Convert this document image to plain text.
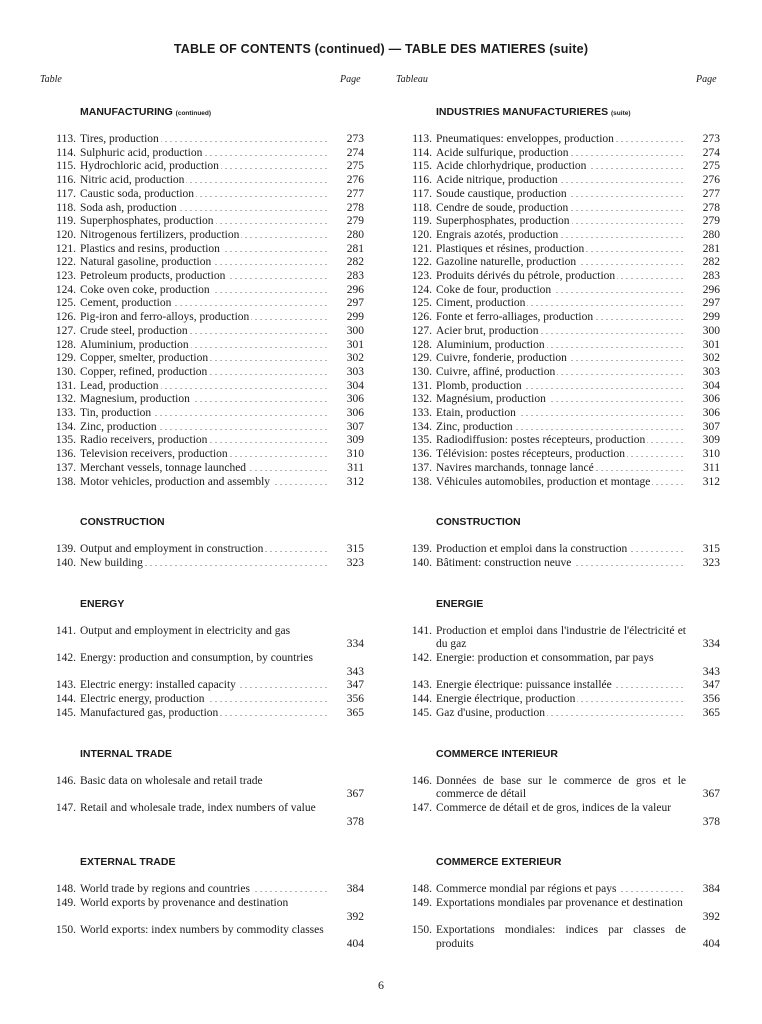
TABLE OF CONTENTS (continued) — TABLE DES MATIERES (suite)
Table	Page	Tableau	Page
MANUFACTURING (continued)
113. Tires, production . . .	273
114. Sulphuric acid, production . . .	274
115. Hydrochloric acid, production . . .	275
116. Nitric acid, production . . .	276
117. Caustic soda, production . . .	277
118. Soda ash, production . . .	278
119. Superphosphates, production . . .	279
120. Nitrogenous fertilizers, production . . .	280
121. Plastics and resins, production . . .	281
122. Natural gasoline, production . . .	282
123. Petroleum products, production . . .	283
124. Coke oven coke, production . . .	296
125. Cement, production . . .	297
126. Pig-iron and ferro-alloys, production . . .	299
127. Crude steel, production . . .	300
128. Aluminium, production . . .	301
129. Copper, smelter, production . . .	302
130. Copper, refined, production . . .	303
131. Lead, production . . .	304
132. Magnesium, production . . .	306
133. Tin, production . . .	306
134. Zinc, production . . .	307
135. Radio receivers, production . . .	309
136. Television receivers, production . . .	310
137. Merchant vessels, tonnage launched . . .	311
138. Motor vehicles, production and assembly . . .	312
CONSTRUCTION
139. Output and employment in construction . . .	315
140. New building . . .	323
ENERGY
141. Output and employment in electricity and gas
334
142. Energy: production and consumption, by countries
343
143. Electric energy: installed capacity . . .	347
144. Electric energy, production . . .	356
145. Manufactured gas, production . . .	365
INTERNAL TRADE
146. Basic data on wholesale and retail trade
367
147. Retail and wholesale trade, index numbers of value
378
EXTERNAL TRADE
148. World trade by regions and countries . . .	384
149. World exports by provenance and destination
392
150. World exports: index numbers by commodity classes
404
INDUSTRIES MANUFACTURIERES (suite)
113. Pneumatiques: enveloppes, production . . .	273
114. Acide sulfurique, production . . .	274
115. Acide chlorhydrique, production . . .	275
116. Acide nitrique, production . . .	276
117. Soude caustique, production . . .	277
118. Cendre de soude, production . . .	278
119. Superphosphates, production . . .	279
120. Engrais azotés, production . . .	280
121. Plastiques et résines, production . . .	281
122. Gazoline naturelle, production . . .	282
123. Produits dérivés du pétrole, production . . .	283
124. Coke de four, production . . .	296
125. Ciment, production . . .	297
126. Fonte et ferro-alliages, production . . .	299
127. Acier brut, production . . .	300
128. Aluminium, production . . .	301
129. Cuivre, fonderie, production . . .	302
130. Cuivre, affiné, production . . .	303
131. Plomb, production . . .	304
132. Magnésium, production . . .	306
133. Etain, production . . .	306
134. Zinc, production . . .	307
135. Radiodiffusion: postes récepteurs, production . . .	309
136. Télévision: postes récepteurs, production . . .	310
137. Navires marchands, tonnage lancé . . .	311
138. Véhicules automobiles, production et montage . . .	312
CONSTRUCTION
139. Production et emploi dans la construction . . .	315
140. Bâtiment: construction neuve . . .	323
ENERGIE
141. Production et emploi dans l'industrie de l'électricité et du gaz	334
142. Energie: production et consommation, par pays
343
143. Energie électrique: puissance installée . . .	347
144. Energie électrique, production . . .	356
145. Gaz d'usine, production . . .	365
COMMERCE INTERIEUR
146. Données de base sur le commerce de gros et le commerce de détail	367
147. Commerce de détail et de gros, indices de la valeur
378
COMMERCE EXTERIEUR
148. Commerce mondial par régions et pays . . .	384
149. Exportations mondiales par provenance et destination
392
150. Exportations mondiales: indices par classes de produits	404
6
